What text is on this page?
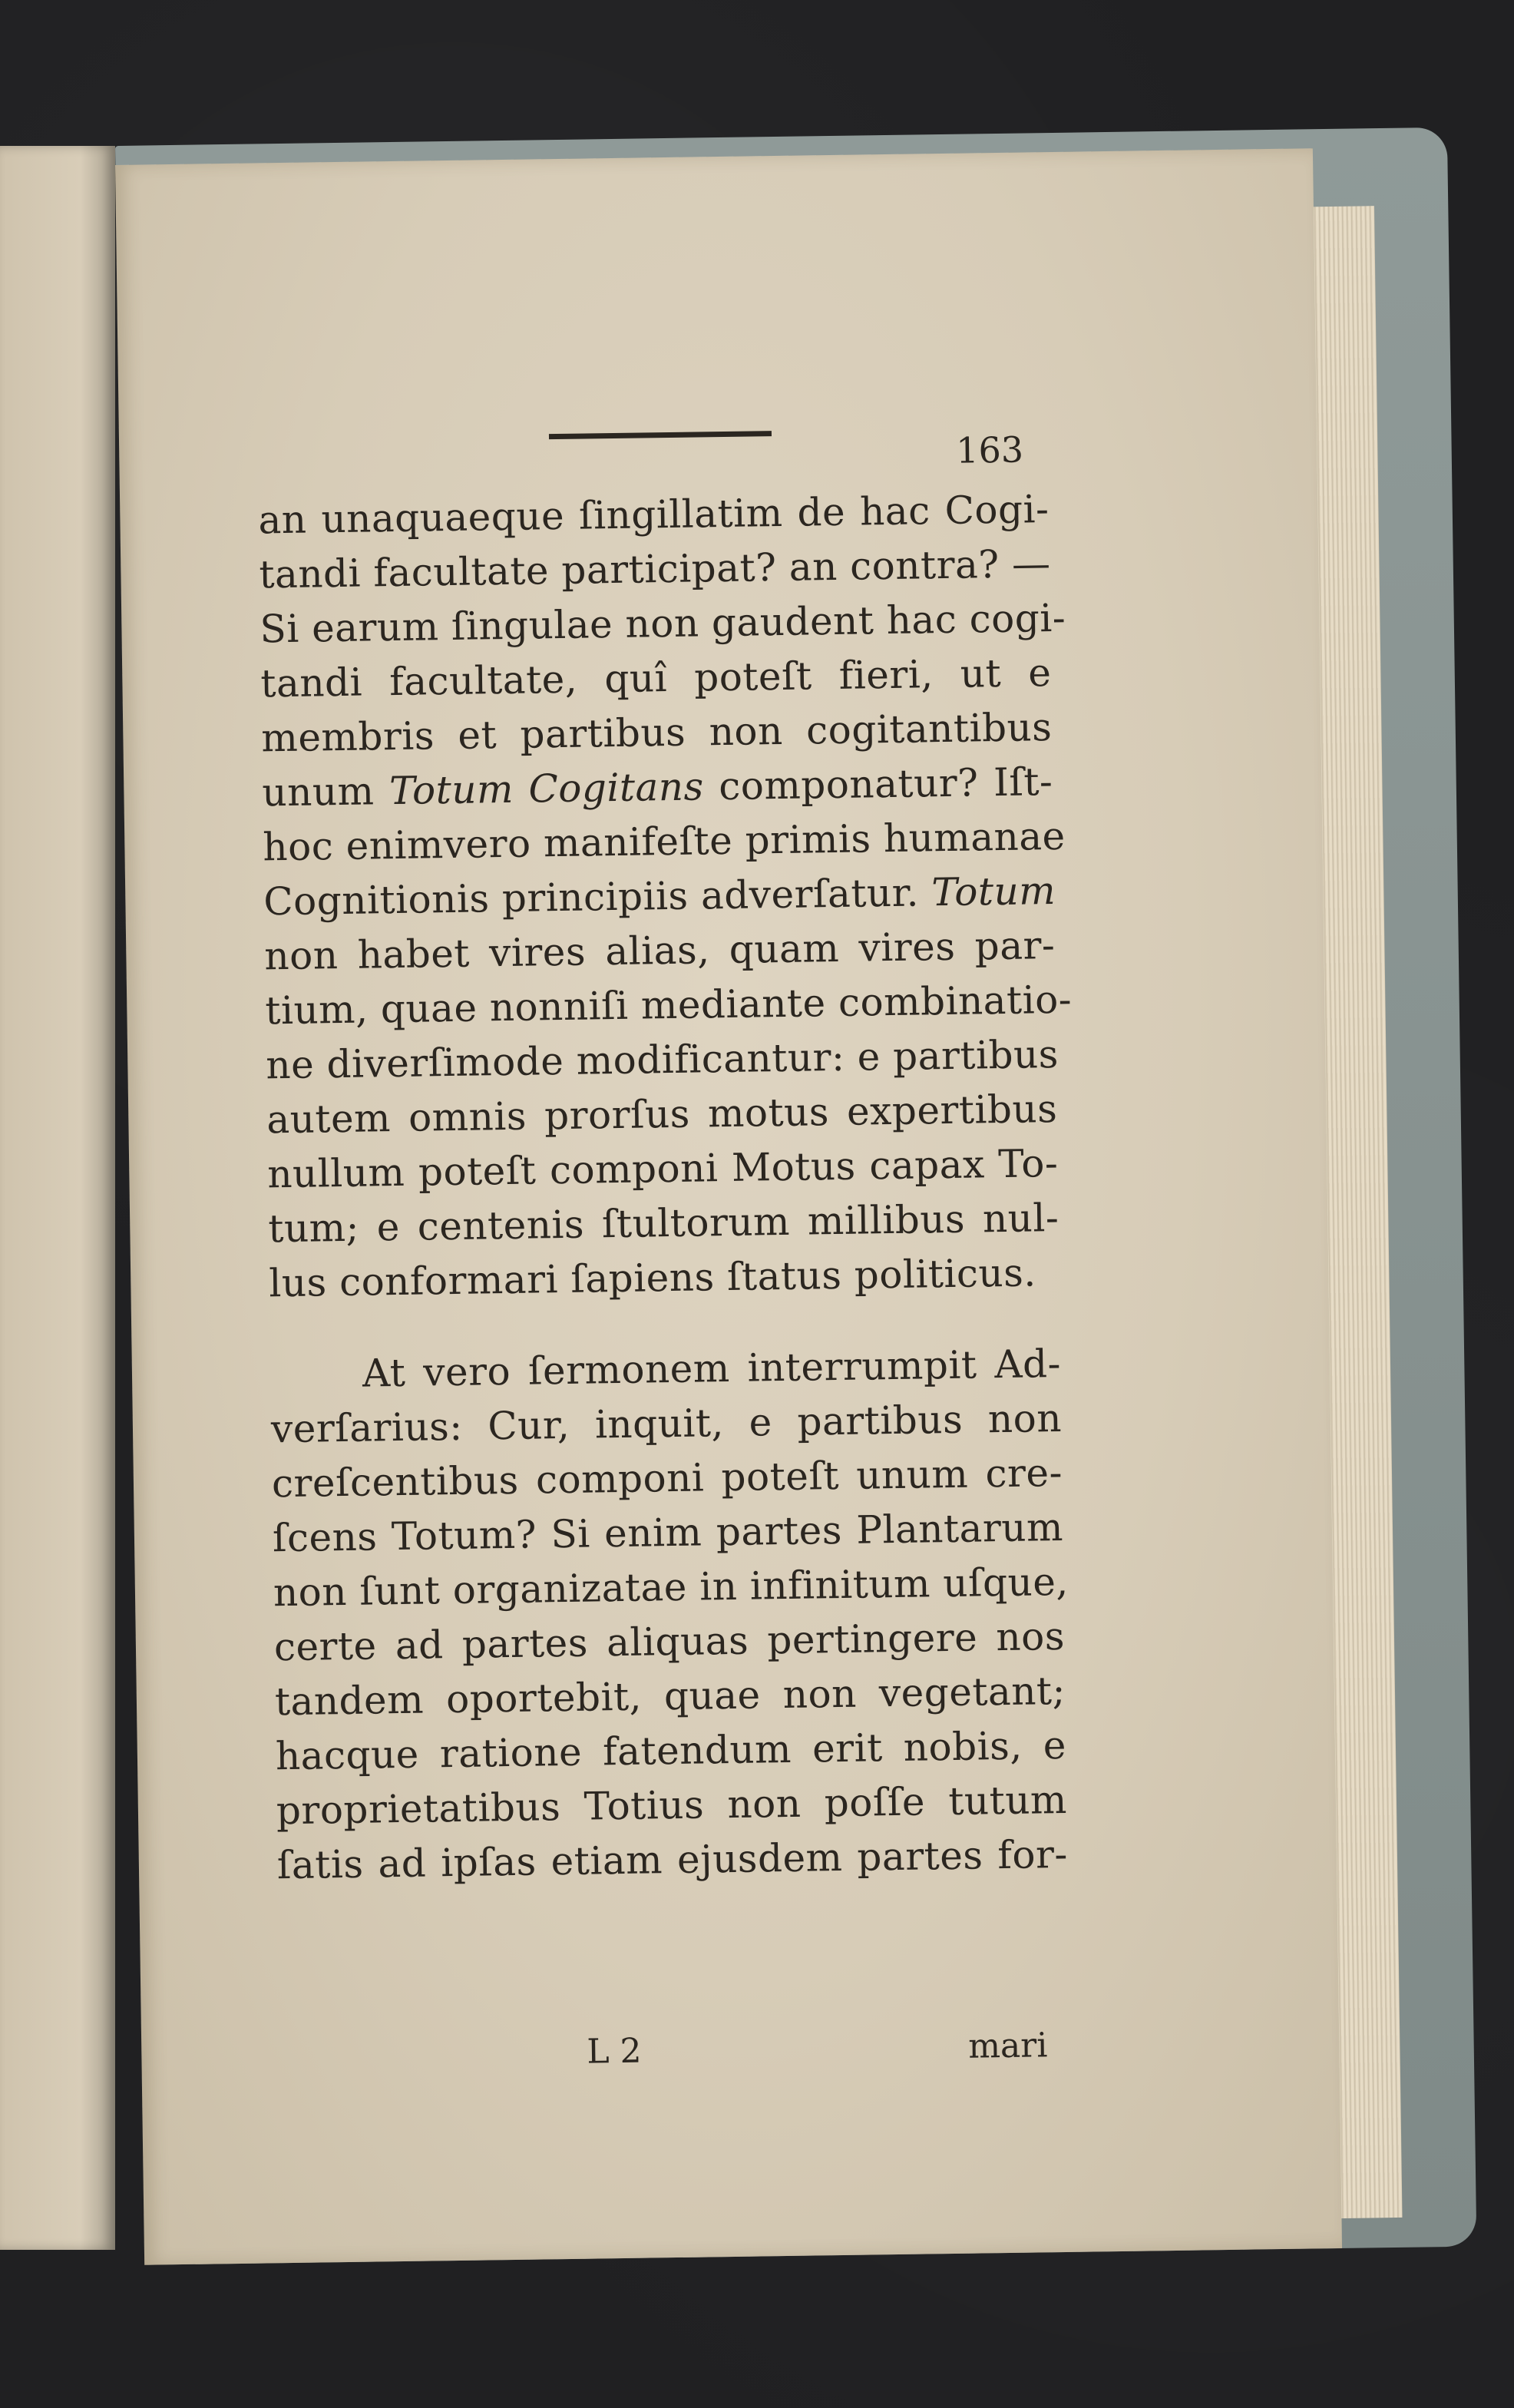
163
an unaquaeque ſingillatim de hac Cogi-
tandi facultate participat? an contra? —
Si earum ſingulae non gaudent hac cogi-
tandi facultate, quî poteſt fieri, ut e
membris et partibus non cogitantibus
unum Totum Cogitans componatur? Iſt-
hoc enimvero manifeſte primis humanae
Cognitionis principiis adverſatur. Totum
non habet vires alias, quam vires par-
tium, quae nonniſi mediante combinatio-
ne diverſimode modificantur: e partibus
autem omnis prorſus motus expertibus
nullum poteſt componi Motus capax To-
tum; e centenis ſtultorum millibus nul-
lus conformari ſapiens ſtatus politicus.
At vero ſermonem interrumpit Ad-
verſarius: Cur, inquit, e partibus non
creſcentibus componi poteſt unum cre-
ſcens Totum? Si enim partes Plantarum
non ſunt organizatae in infinitum uſque,
certe ad partes aliquas pertingere nos
tandem oportebit, quae non vegetant;
hacque ratione fatendum erit nobis, e
proprietatibus Totius non poſſe tutum
ſatis ad ipſas etiam ejusdem partes for-
L 2	mari
